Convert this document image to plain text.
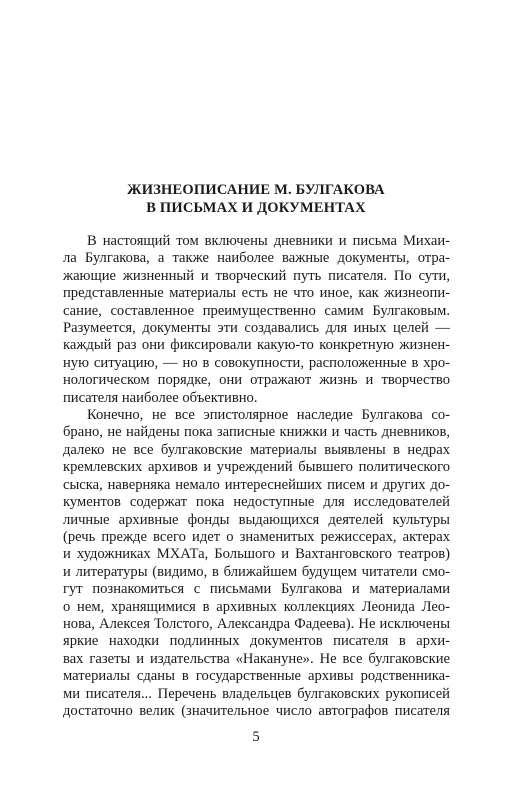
ЖИЗНЕОПИСАНИЕ М. БУЛГАКОВА
В ПИСЬМАХ И ДОКУМЕНТАХ
В настоящий том включены дневники и письма Михаи-
ла Булгакова, а также наиболее важные документы, отра-
жающие жизненный и творческий путь писателя. По сути,
представленные материалы есть не что иное, как жизнеопи-
сание, составленное преимущественно самим Булгаковым.
Разумеется, документы эти создавались для иных целей —
каждый раз они фиксировали какую-то конкретную жизнен-
ную ситуацию, — но в совокупности, расположенные в хро-
нологическом порядке, они отражают жизнь и творчество
писателя наиболее объективно.
Конечно, не все эпистолярное наследие Булгакова со-
брано, не найдены пока записные книжки и часть дневников,
далеко не все булгаковские материалы выявлены в недрах
кремлевских архивов и учреждений бывшего политического
сыска, наверняка немало интереснейших писем и других до-
кументов содержат пока недоступные для исследователей
личные архивные фонды выдающихся деятелей культуры
(речь прежде всего идет о знаменитых режиссерах, актерах
и художниках МХАТа, Большого и Вахтанговского театров)
и литературы (видимо, в ближайшем будущем читатели смо-
гут познакомиться с письмами Булгакова и материалами
о нем, хранящимися в архивных коллекциях Леонида Лео-
нова, Алексея Толстого, Александра Фадеева). Не исключены
яркие находки подлинных документов писателя в архи-
вах газеты и издательства «Накануне». Не все булгаковские
материалы сданы в государственные архивы родственника-
ми писателя... Перечень владельцев булгаковских рукописей
достаточно велик (значительное число автографов писателя
5
